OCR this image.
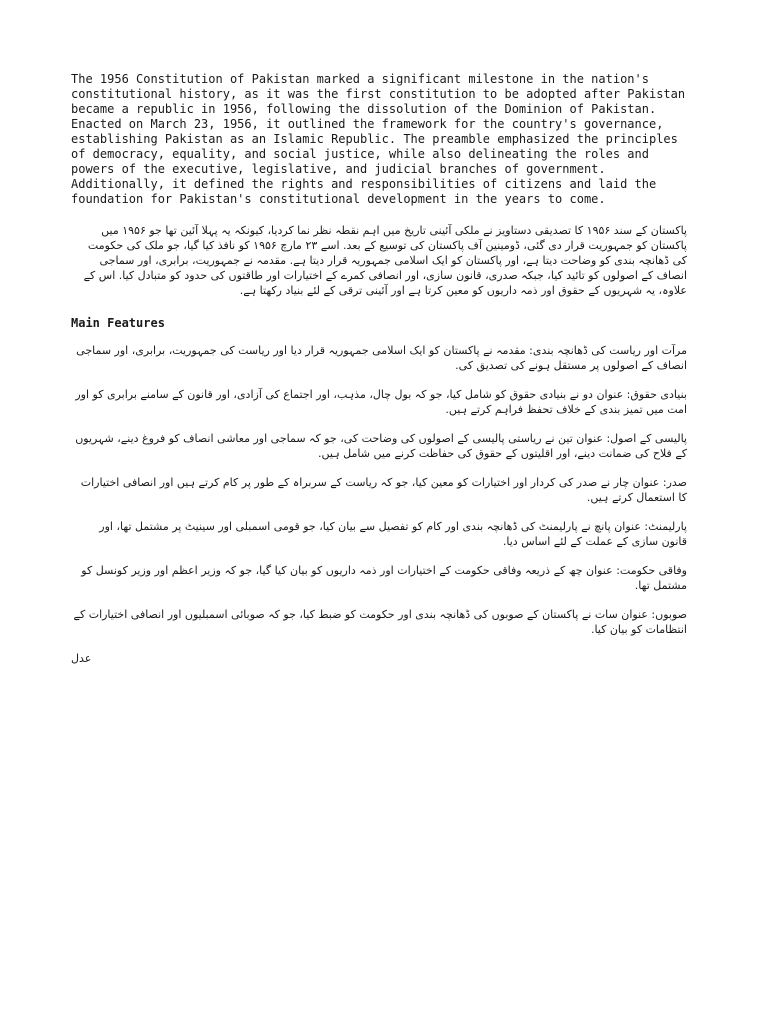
The 1956 Constitution of Pakistan marked a significant milestone in the nation's constitutional history, as it was the first constitution to be adopted after Pakistan became a republic in 1956, following the dissolution of the Dominion of Pakistan. Enacted on March 23, 1956, it outlined the framework for the country's governance, establishing Pakistan as an Islamic Republic. The preamble emphasized the principles of democracy, equality, and social justice, while also delineating the roles and powers of the executive, legislative, and judicial branches of government. Additionally, it defined the rights and responsibilities of citizens and laid the foundation for Pakistan's constitutional development in the years to come.

پاکستان کے سند ۱۹۵۶ کا تصدیقی دستاویز نے ملکی آئینی تاریخ میں اہم نقطہ نظر نما کردیا، کیونکہ یہ پہلا آئین تھا جو ۱۹۵۶ میں پاکستان کو جمہوریت قرار دی گئی، ڈومینین آف پاکستان کی توسیع کے بعد. اسے ۲۳ مارچ ۱۹۵۶ کو نافذ کیا گیا، جو ملک کی حکومت کی ڈھانچہ بندی کو وضاحت دیتا ہے، اور پاکستان کو ایک اسلامی جمہوریہ قرار دیتا ہے. مقدمہ نے جمہوریت، برابری، اور سماجی انصاف کے اصولوں کو تائید کیا، جبکہ صدری، قانون سازی، اور انصافی کمرے کے اختیارات اور طاقتوں کی حدود کو متبادل کیا. اس کے علاوہ، یہ شہریوں کے حقوق اور ذمہ داریوں کو معین کرتا ہے اور آئینی ترقی کے لئے بنیاد رکھتا ہے.

Main Features

مرآت اور ریاست کی ڈھانچہ بندی: مقدمہ نے پاکستان کو ایک اسلامی جمہوریہ قرار دیا اور ریاست کی جمہوریت، برابری، اور سماجی انصاف کے اصولوں پر مستقل ہونے کی تصدیق کی.

بنیادی حقوق: عنوان دو نے بنیادی حقوق کو شامل کیا، جو کہ بول چال، مذہب، اور اجتماع کی آزادی، اور قانون کے سامنے برابری کو اور امت میں تمیز بندی کے خلاف تحفظ فراہم کرتے ہیں.

پالیسی کے اصول: عنوان تین نے ریاستی پالیسی کے اصولوں کی وضاحت کی، جو کہ سماجی اور معاشی انصاف کو فروغ دینے، شہریوں کے فلاح کی ضمانت دینے، اور اقلیتوں کے حقوق کی حفاظت کرنے میں شامل ہیں.

صدر: عنوان چار نے صدر کی کردار اور اختیارات کو معین کیا، جو کہ ریاست کے سربراہ کے طور پر کام کرتے ہیں اور انصافی اختیارات کا استعمال کرتے ہیں.

پارلیمنٹ: عنوان پانچ نے پارلیمنٹ کی ڈھانچہ بندی اور کام کو تفصیل سے بیان کیا، جو قومی اسمبلی اور سینیٹ پر مشتمل تھا، اور قانون سازی کے عملت کے لئے اساس دیا.

وفاقی حکومت: عنوان چھ کے ذریعہ وفاقی حکومت کے اختیارات اور ذمہ داریوں کو بیان کیا گیا، جو کہ وزیر اعظم اور وزیر کونسل کو مشتمل تھا.

صوبوں: عنوان سات نے پاکستان کے صوبوں کی ڈھانچہ بندی اور حکومت کو ضبط کیا، جو کہ صوبائی اسمبلیوں اور انصافی اختیارات کے انتظامات کو بیان کیا.

عدل
